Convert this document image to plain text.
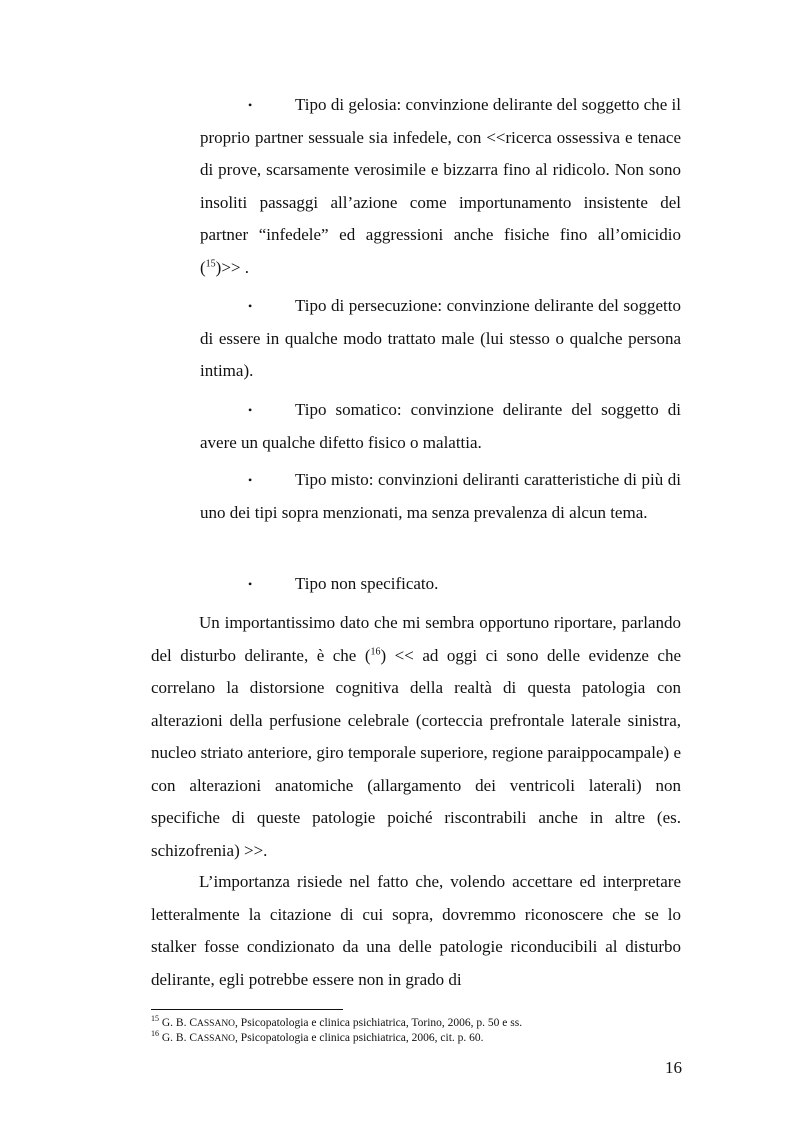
•	Tipo di gelosia: convinzione delirante del soggetto che il proprio partner sessuale sia infedele, con <<ricerca ossessiva e tenace di prove, scarsamente verosimile e bizzarra fino al ridicolo. Non sono insoliti passaggi all’azione come importunamento insistente del partner “infedele” ed aggressioni anche fisiche fino all’omicidio ($^{15}$)>> .
•	Tipo di persecuzione: convinzione delirante del soggetto di essere in qualche modo trattato male (lui stesso o qualche persona intima).
•	Tipo somatico: convinzione delirante del soggetto di avere un qualche difetto fisico o malattia.
•	Tipo misto: convinzioni deliranti caratteristiche di più di uno dei tipi sopra menzionati, ma senza prevalenza di alcun tema.
•	Tipo non specificato.
Un importantissimo dato che mi sembra opportuno riportare, parlando del disturbo delirante, è che ($^{16}$) << ad oggi ci sono delle evidenze che correlano la distorsione cognitiva della realtà di questa patologia con alterazioni della perfusione celebrale (corteccia prefrontale laterale sinistra, nucleo striato anteriore, giro temporale superiore, regione paraippocampale) e con alterazioni anatomiche (allargamento dei ventricoli laterali) non specifiche di queste patologie poiché riscontrabili anche in altre (es. schizofrenia) >>.
L’importanza risiede nel fatto che, volendo accettare ed interpretare letteralmente la citazione di cui sopra, dovremmo riconoscere che se lo stalker fosse condizionato da una delle patologie riconducibili al disturbo delirante, egli potrebbe essere non in grado di
$^{15}$ G. B. CASSANO, Psicopatologia e clinica psichiatrica, Torino, 2006, p. 50 e ss.
$^{16}$ G. B. CASSANO, Psicopatologia e clinica psichiatrica, 2006, cit. p. 60.
16
